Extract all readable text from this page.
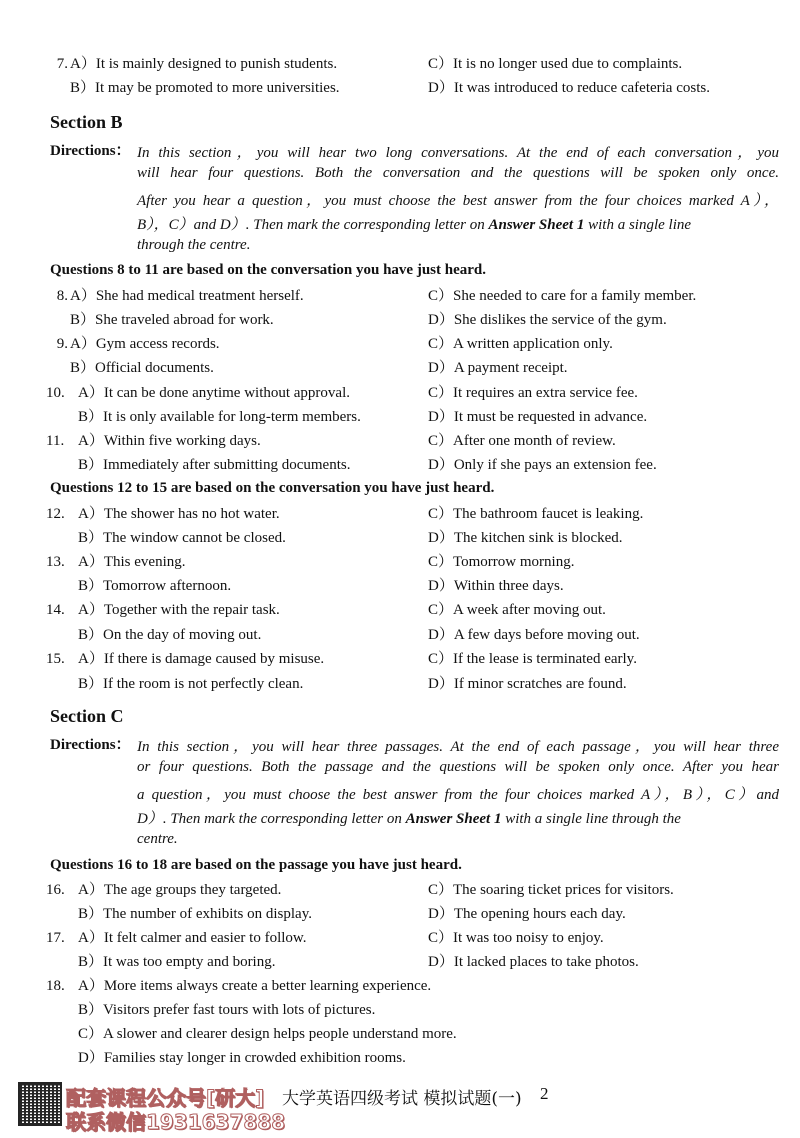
7. A）It is mainly designed to punish students.	C）It is no longer used due to complaints.
B）It may be promoted to more universities.	D）It was introduced to reduce cafeteria costs.
Section B
Directions： In this section，you will hear two long conversations. At the end of each conversation，you
will hear four questions. Both the conversation and the questions will be spoken only once.
After you hear a question，you must choose the best answer from the four choices marked A），
B），C）and D）. Then mark the corresponding letter on Answer Sheet 1 with a single line
through the centre.
Questions 8 to 11 are based on the conversation you have just heard.
8. A）She had medical treatment herself.	C）She needed to care for a family member.
B）She traveled abroad for work.	D）She dislikes the service of the gym.
9. A）Gym access records.	C）A written application only.
B）Official documents.	D）A payment receipt.
10. A）It can be done anytime without approval.	C）It requires an extra service fee.
B）It is only available for long-term members.	D）It must be requested in advance.
11. A）Within five working days.	C）After one month of review.
B）Immediately after submitting documents.	D）Only if she pays an extension fee.
Questions 12 to 15 are based on the conversation you have just heard.
12. A）The shower has no hot water.	C）The bathroom faucet is leaking.
B）The window cannot be closed.	D）The kitchen sink is blocked.
13. A）This evening.	C）Tomorrow morning.
B）Tomorrow afternoon.	D）Within three days.
14. A）Together with the repair task.	C）A week after moving out.
B）On the day of moving out.	D）A few days before moving out.
15. A）If there is damage caused by misuse.	C）If the lease is terminated early.
B）If the room is not perfectly clean.	D）If minor scratches are found.
Section C
Directions： In this section，you will hear three passages. At the end of each passage，you will hear three
or four questions. Both the passage and the questions will be spoken only once. After you hear
a question，you must choose the best answer from the four choices marked A），B），C）and
D）. Then mark the corresponding letter on Answer Sheet 1 with a single line through the
centre.
Questions 16 to 18 are based on the passage you have just heard.
16. A）The age groups they targeted.	C）The soaring ticket prices for visitors.
B）The number of exhibits on display.	D）The opening hours each day.
17. A）It felt calmer and easier to follow.	C）It was too noisy to enjoy.
B）It was too empty and boring.	D）It lacked places to take photos.
18. A）More items always create a better learning experience.
B）Visitors prefer fast tours with lots of pictures.
C）A slower and clearer design helps people understand more.
D）Families stay longer in crowded exhibition rooms.
配套课程公众号[研大]
联系微信1931637888
大学英语四级考试 模拟试题(一) 2
